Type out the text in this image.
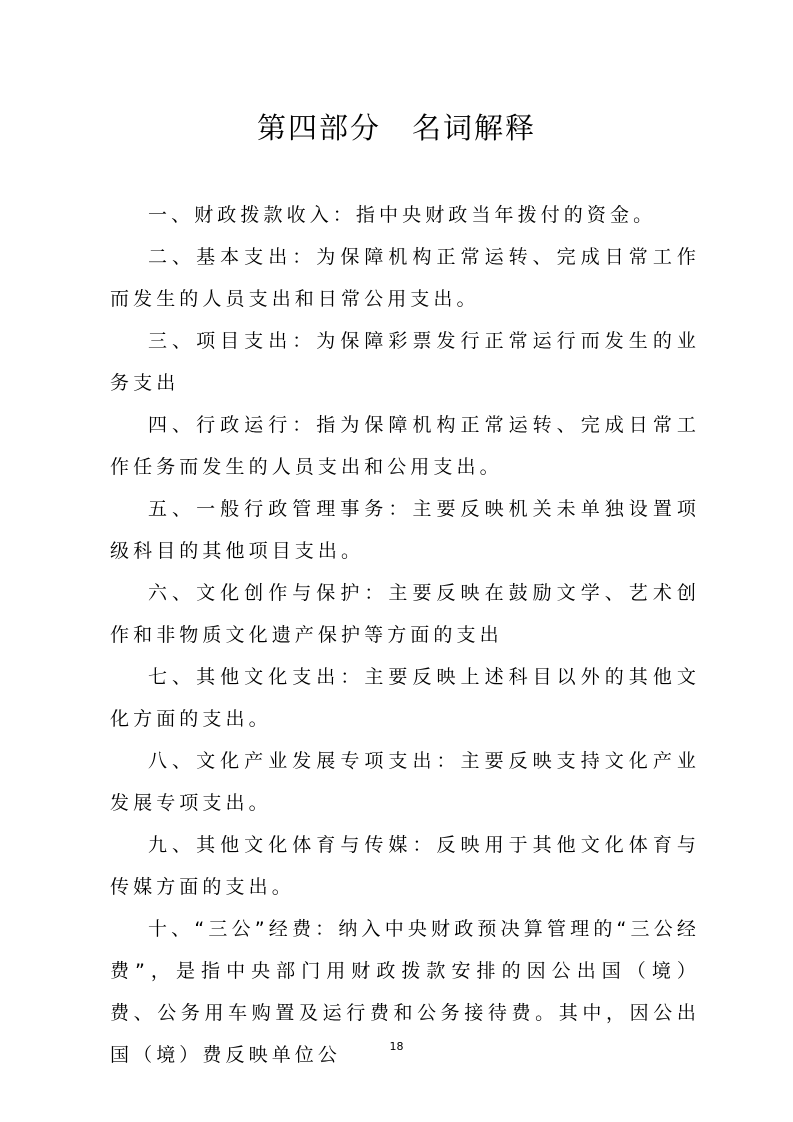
第四部分　名词解释

一、财政拨款收入：指中央财政当年拨付的资金。

二、基本支出：为保障机构正常运转、完成日常工作而发生的人员支出和日常公用支出。

三、项目支出：为保障彩票发行正常运行而发生的业务支出

四、行政运行：指为保障机构正常运转、完成日常工作任务而发生的人员支出和公用支出。

五、一般行政管理事务：主要反映机关未单独设置项级科目的其他项目支出。

六、文化创作与保护：主要反映在鼓励文学、艺术创作和非物质文化遗产保护等方面的支出

七、其他文化支出：主要反映上述科目以外的其他文化方面的支出。

八、文化产业发展专项支出：主要反映支持文化产业发展专项支出。

九、其他文化体育与传媒：反映用于其他文化体育与传媒方面的支出。

十、“三公”经费：纳入中央财政预决算管理的“三公经费”，是指中央部门用财政拨款安排的因公出国（境）费、公务用车购置及运行费和公务接待费。其中，因公出国（境）费反映单位公	18
